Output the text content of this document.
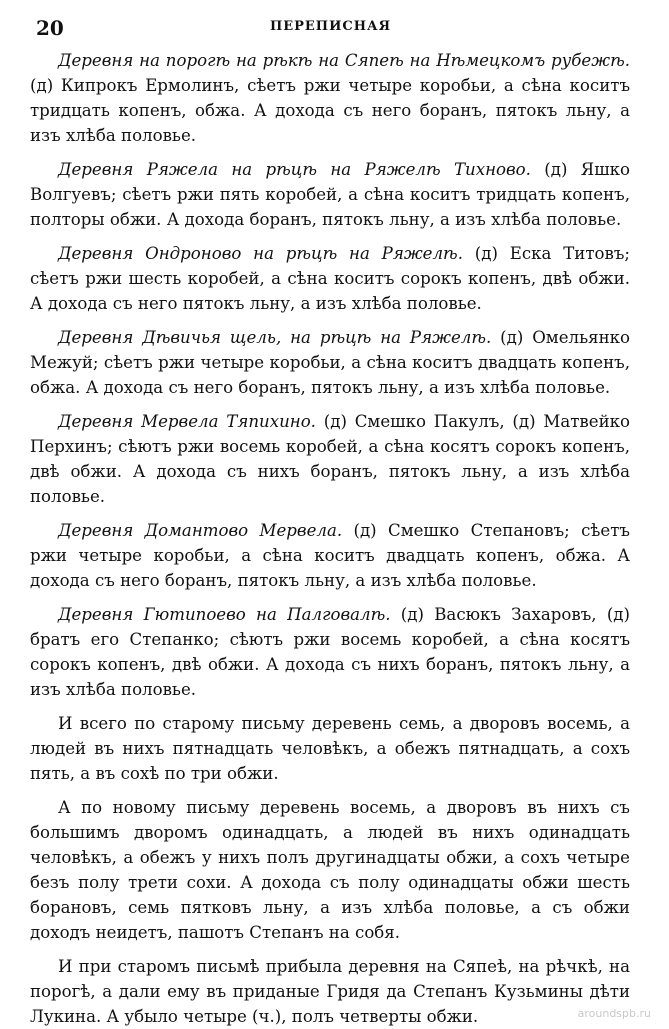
20	ПЕРЕПИСНАЯ

Деревня на порогѣ на рѣкѣ на Сяпеѣ на Нѣмецкомъ рубежѣ. (д) Кипрокъ Ермолинъ, сѣетъ ржи четыре коробьи, а сѣна коситъ тридцать копенъ, обжа. А дохода съ него боранъ, пятокъ льну, а изъ хлѣба половье.

Деревня Ряжела на рѣцѣ на Ряжелѣ Тихново. (д) Яшко Волгуевъ; сѣетъ ржи пять коробей, а сѣна коситъ тридцать копенъ, полторы обжи. А дохода боранъ, пятокъ льну, а изъ хлѣба половье.

Деревня Ондроново на рѣцѣ на Ряжелѣ. (д) Еска Титовъ; сѣетъ ржи шесть коробей, а сѣна коситъ сорокъ копенъ, двѣ обжи. А дохода съ него пятокъ льну, а изъ хлѣба половье.

Деревня Дѣвичья щель, на рѣцѣ на Ряжелѣ. (д) Омельянко Межуй; сѣетъ ржи четыре коробьи, а сѣна коситъ двадцать копенъ, обжа. А дохода съ него боранъ, пятокъ льну, а изъ хлѣба половье.

Деревня Мервела Тяпихино. (д) Смешко Пакулъ, (д) Матвейко Перхинъ; сѣютъ ржи восемь коробей, а сѣна косятъ сорокъ копенъ, двѣ обжи. А дохода съ нихъ боранъ, пятокъ льну, а изъ хлѣба половье.

Деревня Домантово Мервела. (д) Смешко Степановъ; сѣетъ ржи четыре коробьи, а сѣна коситъ двадцать копенъ, обжа. А дохода съ него боранъ, пятокъ льну, а изъ хлѣба половье.

Деревня Гютипоево на Палговалѣ. (д) Васюкъ Захаровъ, (д) братъ его Степанко; сѣютъ ржи восемь коробей, а сѣна косятъ сорокъ копенъ, двѣ обжи. А дохода съ нихъ боранъ, пятокъ льну, а изъ хлѣба половье.

И всего по старому письму деревень семь, а дворовъ восемь, а людей въ нихъ пятнадцать человѣкъ, а обежъ пятнадцать, а сохъ пять, а въ сохѣ по три обжи.

А по новому письму деревень восемь, а дворовъ въ нихъ съ большимъ дворомъ одинадцать, а людей въ нихъ одинадцать человѣкъ, а обежъ у нихъ полъ другинадцаты обжи, а сохъ четыре безъ полу трети сохи. А дохода съ полу одинадцаты обжи шесть борановъ, семь пятковъ льну, а изъ хлѣба половье, а съ обжи доходъ неидетъ, пашотъ Степанъ на собя.

И при старомъ письмѣ прибыла деревня на Сяпеѣ, на рѣчкѣ, на порогѣ, а дали ему въ приданые Гридя да Степанъ Кузьмины дѣти Лукина. А убыло четыре (ч.), полъ четверты обжи.	aroundspb.ru
